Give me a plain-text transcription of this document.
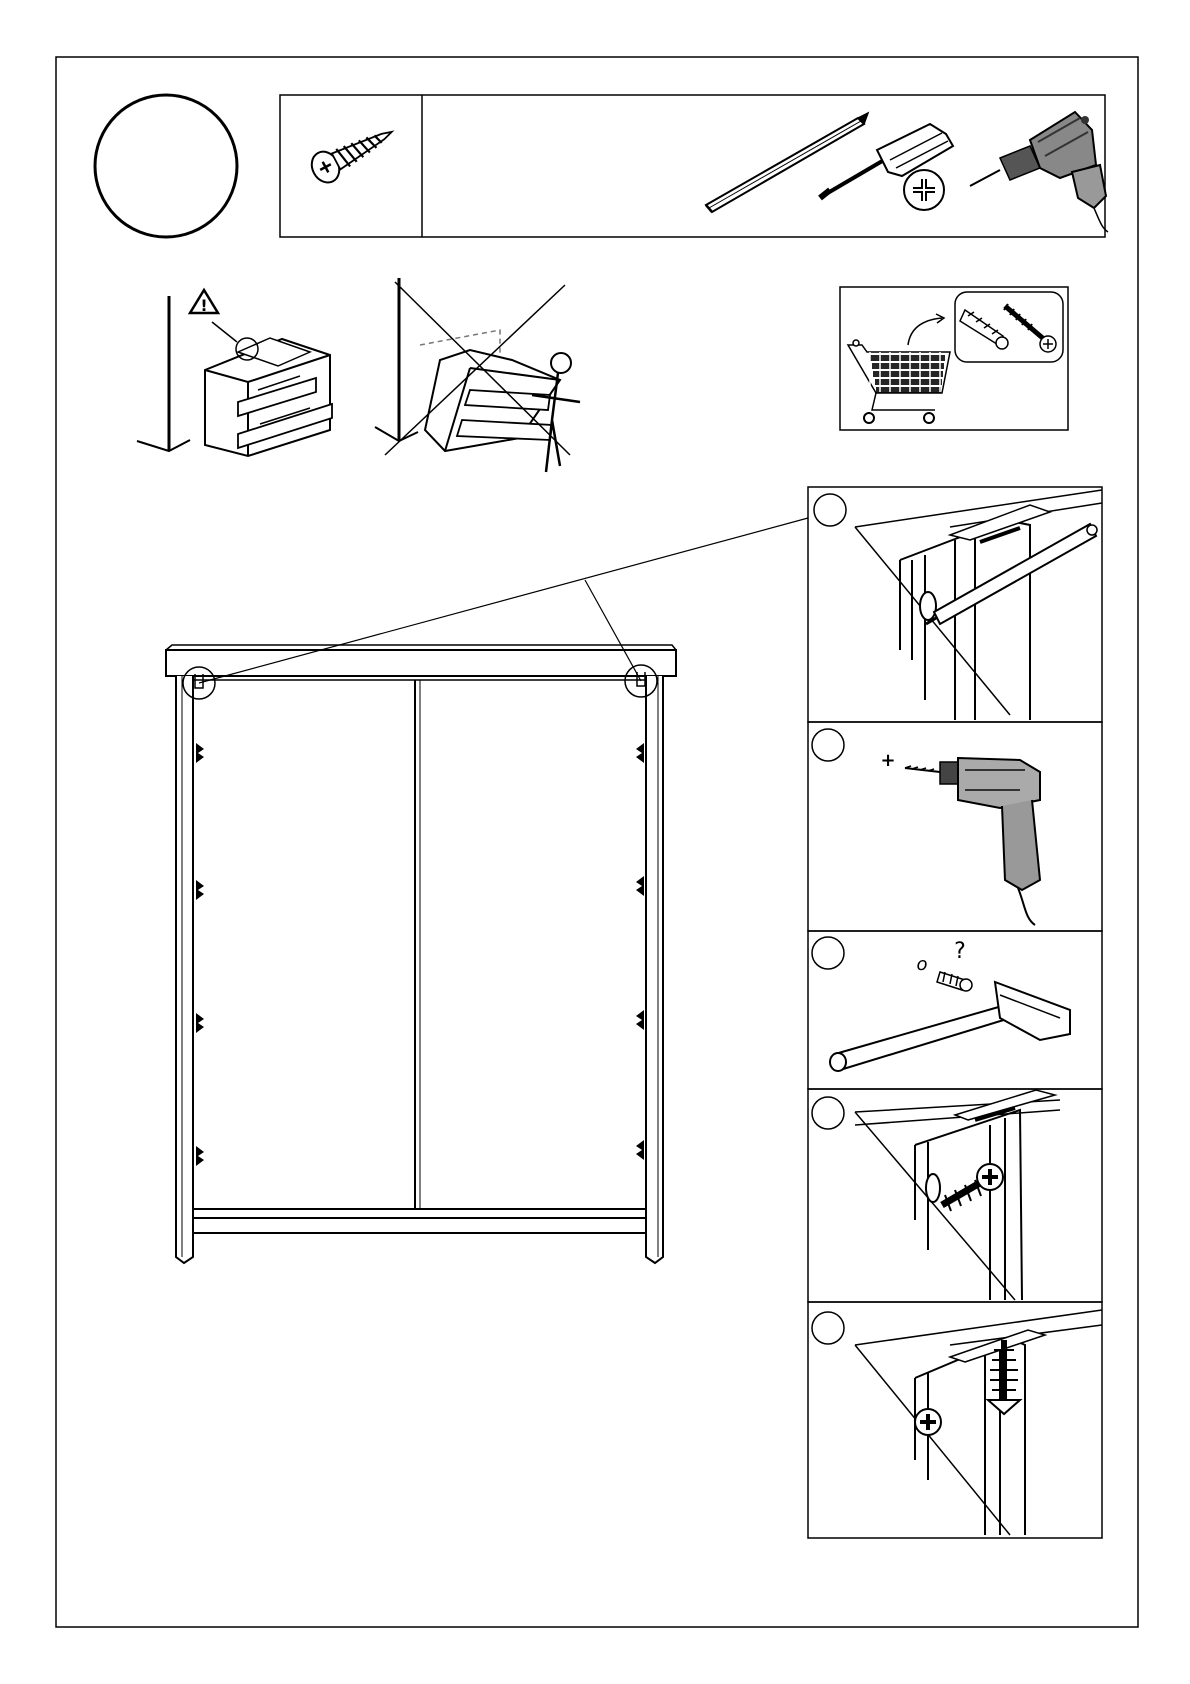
!
+
o
?
